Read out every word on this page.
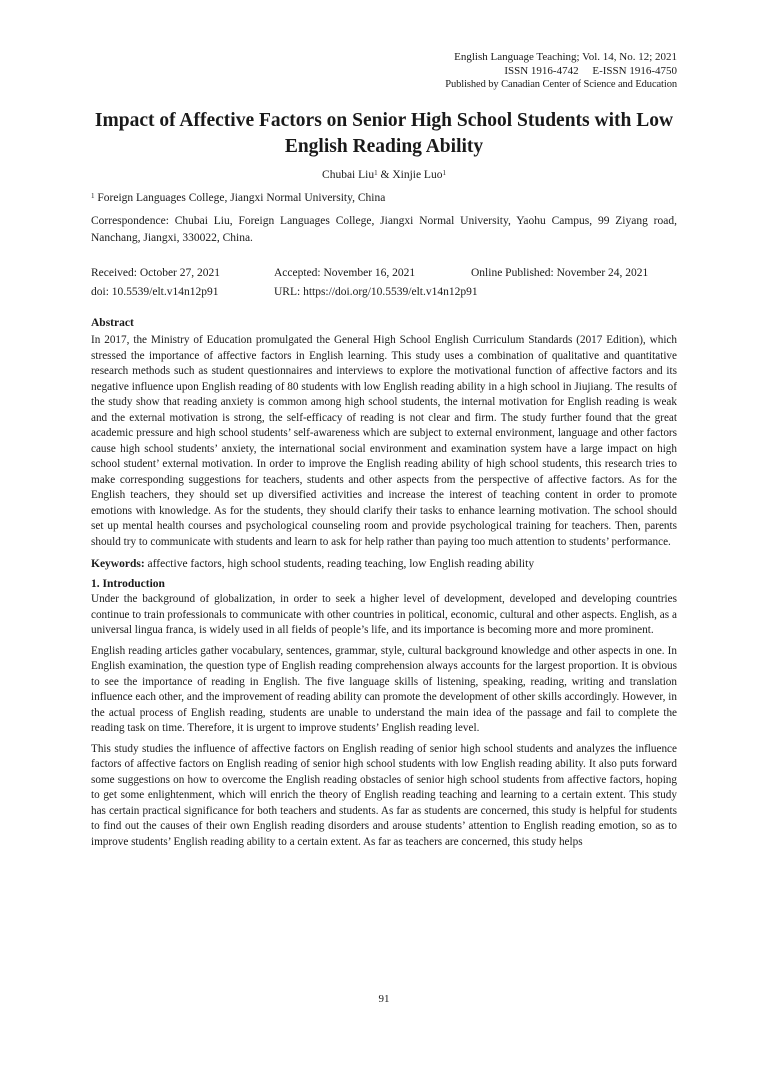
English Language Teaching; Vol. 14, No. 12; 2021
ISSN 1916-4742     E-ISSN 1916-4750
Published by Canadian Center of Science and Education
Impact of Affective Factors on Senior High School Students with Low English Reading Ability
Chubai Liu$^1$ & Xinjie Luo$^1$
$^1$ Foreign Languages College, Jiangxi Normal University, China
Correspondence: Chubai Liu, Foreign Languages College, Jiangxi Normal University, Yaohu Campus, 99 Ziyang road, Nanchang, Jiangxi, 330022, China.
Received: October 27, 2021	Accepted: November 16, 2021	Online Published: November 24, 2021
doi: 10.5539/elt.v14n12p91	URL: https://doi.org/10.5539/elt.v14n12p91
Abstract

In 2017, the Ministry of Education promulgated the General High School English Curriculum Standards (2017 Edition), which stressed the importance of affective factors in English learning. This study uses a combination of qualitative and quantitative research methods such as student questionnaires and interviews to explore the motivational function of affective factors and its negative influence upon English reading of 80 students with low English reading ability in a high school in Jiujiang. The results of the study show that reading anxiety is common among high school students, the internal motivation for English reading is weak and the external motivation is strong, the self-efficacy of reading is not clear and firm. The study further found that the great academic pressure and high school students’ self-awareness which are subject to external environment, language and other factors cause high school students’ anxiety, the international social environment and examination system have a large impact on high school student’ external motivation. In order to improve the English reading ability of high school students, this research tries to make corresponding suggestions for teachers, students and other aspects from the perspective of affective factors. As for the English teachers, they should set up diversified activities and increase the interest of teaching content in order to promote emotions with knowledge. As for the students, they should clarify their tasks to enhance learning motivation. The school should set up mental health courses and psychological counseling room and provide psychological training for teachers. Then, parents should try to communicate with students and learn to ask for help rather than paying too much attention to students’ performance.

Keywords: affective factors, high school students, reading teaching, low English reading ability
1. Introduction

Under the background of globalization, in order to seek a higher level of development, developed and developing countries continue to train professionals to communicate with other countries in political, economic, cultural and other aspects. English, as a universal lingua franca, is widely used in all fields of people’s life, and its importance is becoming more and more prominent.

English reading articles gather vocabulary, sentences, grammar, style, cultural background knowledge and other aspects in one. In English examination, the question type of English reading comprehension always accounts for the largest proportion. It is obvious to see the importance of reading in English. The five language skills of listening, speaking, reading, writing and translation influence each other, and the improvement of reading ability can promote the development of other skills accordingly. However, in the actual process of English reading, students are unable to understand the main idea of the passage and fail to complete the reading task on time. Therefore, it is urgent to improve students’ English reading level.

This study studies the influence of affective factors on English reading of senior high school students and analyzes the influence factors of affective factors on English reading of senior high school students with low English reading ability. It also puts forward some suggestions on how to overcome the English reading obstacles of senior high school students from affective factors, hoping to get some enlightenment, which will enrich the theory of English reading teaching and learning to a certain extent. This study has certain practical significance for both teachers and students. As far as students are concerned, this study is helpful for students to find out the causes of their own English reading disorders and arouse students’ attention to English reading emotion, so as to improve students’ English reading ability to a certain extent. As far as teachers are concerned, this study helps

91
